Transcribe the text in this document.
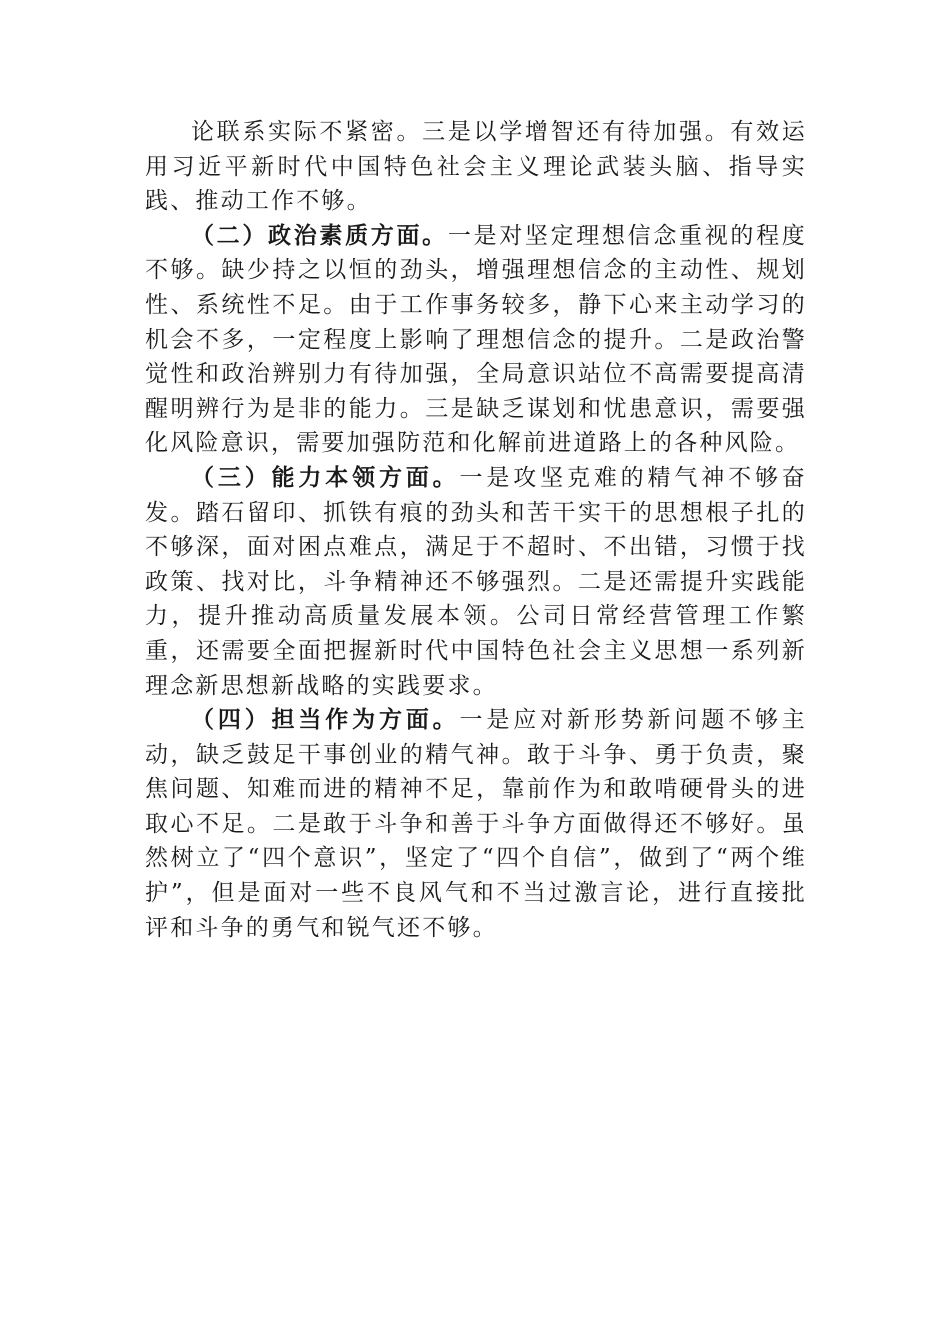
论联系实际不紧密。三是以学增智还有待加强。有效运用习近平新时代中国特色社会主义理论武装头脑、指导实践、推动工作不够。

（二）政治素质方面。一是对坚定理想信念重视的程度不够。缺少持之以恒的劲头，增强理想信念的主动性、规划性、系统性不足。由于工作事务较多，静下心来主动学习的机会不多，一定程度上影响了理想信念的提升。二是政治警觉性和政治辨别力有待加强，全局意识站位不高需要提高清醒明辨行为是非的能力。三是缺乏谋划和忧患意识，需要强化风险意识，需要加强防范和化解前进道路上的各种风险。

（三）能力本领方面。一是攻坚克难的精气神不够奋发。踏石留印、抓铁有痕的劲头和苦干实干的思想根子扎的不够深，面对困点难点，满足于不超时、不出错，习惯于找政策、找对比，斗争精神还不够强烈。二是还需提升实践能力，提升推动高质量发展本领。公司日常经营管理工作繁重，还需要全面把握新时代中国特色社会主义思想一系列新理念新思想新战略的实践要求。

（四）担当作为方面。一是应对新形势新问题不够主动，缺乏鼓足干事创业的精气神。敢于斗争、勇于负责，聚焦问题、知难而进的精神不足，靠前作为和敢啃硬骨头的进取心不足。二是敢于斗争和善于斗争方面做得还不够好。虽然树立了“四个意识”，坚定了“四个自信”，做到了“两个维护”，但是面对一些不良风气和不当过激言论，进行直接批评和斗争的勇气和锐气还不够。
